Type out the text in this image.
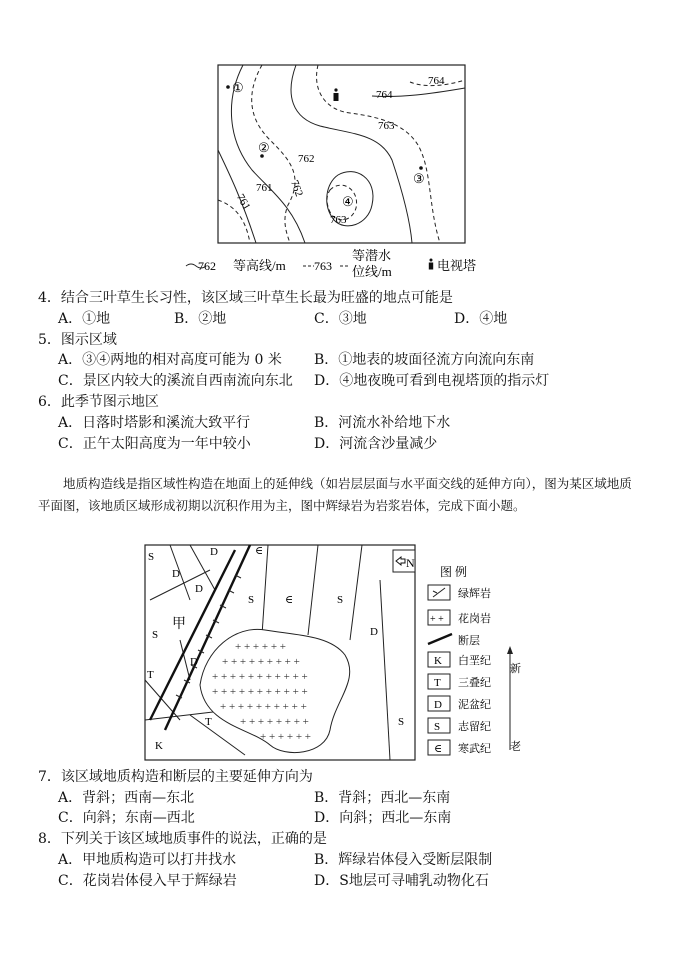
764
764
763
762
761 762
761
763
①
②
③
④
762 等高线/m 763
等潜水
位线/m	电视塔
4．结合三叶草生长习性，该区域三叶草生长最为旺盛的地点可能是
A．①地	B．②地	C．③地	D．④地
5．图示区域
A．③④两地的相对高度可能为 0 米 B．①地表的坡面径流方向流向东南
C．景区内较大的溪流自西南流向东北 D．④地夜晚可看到电视塔顶的指示灯
6．此季节图示地区
A．日落时塔影和溪流大致平行	B．河流水补给地下水
C．正午太阳高度为一年中较小	D．河流含沙量减少
地质构造线是指区域性构造在地面上的延伸线（如岩层层面与水平面交线的延伸方向），图为某区域地质平面图，该地质区域形成初期以沉积作用为主，图中辉绿岩为岩浆岩体，完成下面小题。
+ + + + + +
+ + + + + + + + +
+ + + + + + + + + + +
+ + + + + + + + + + +
+ + + + + + + + + +
+ + + + + + + +
+ + + + + +
N
甲
S
D
D
∈
S
D
∈	S
D
S
D
T
T
K
S
图 例
绿辉岩
+ + 花岗岩
断层
K 白垩纪
T 三叠纪
D 泥盆纪
S 志留纪
∈ 寒武纪
新
老
7．该区域地质构造和断层的主要延伸方向为
A．背斜；西南—东北	B．背斜；西北—东南
C．向斜；东南—西北	D．向斜；西北—东南
8．下列关于该区域地质事件的说法，正确的是
A．甲地质构造可以打井找水	B．辉绿岩体侵入受断层限制
C．花岗岩体侵入早于辉绿岩	D．S地层可寻哺乳动物化石
